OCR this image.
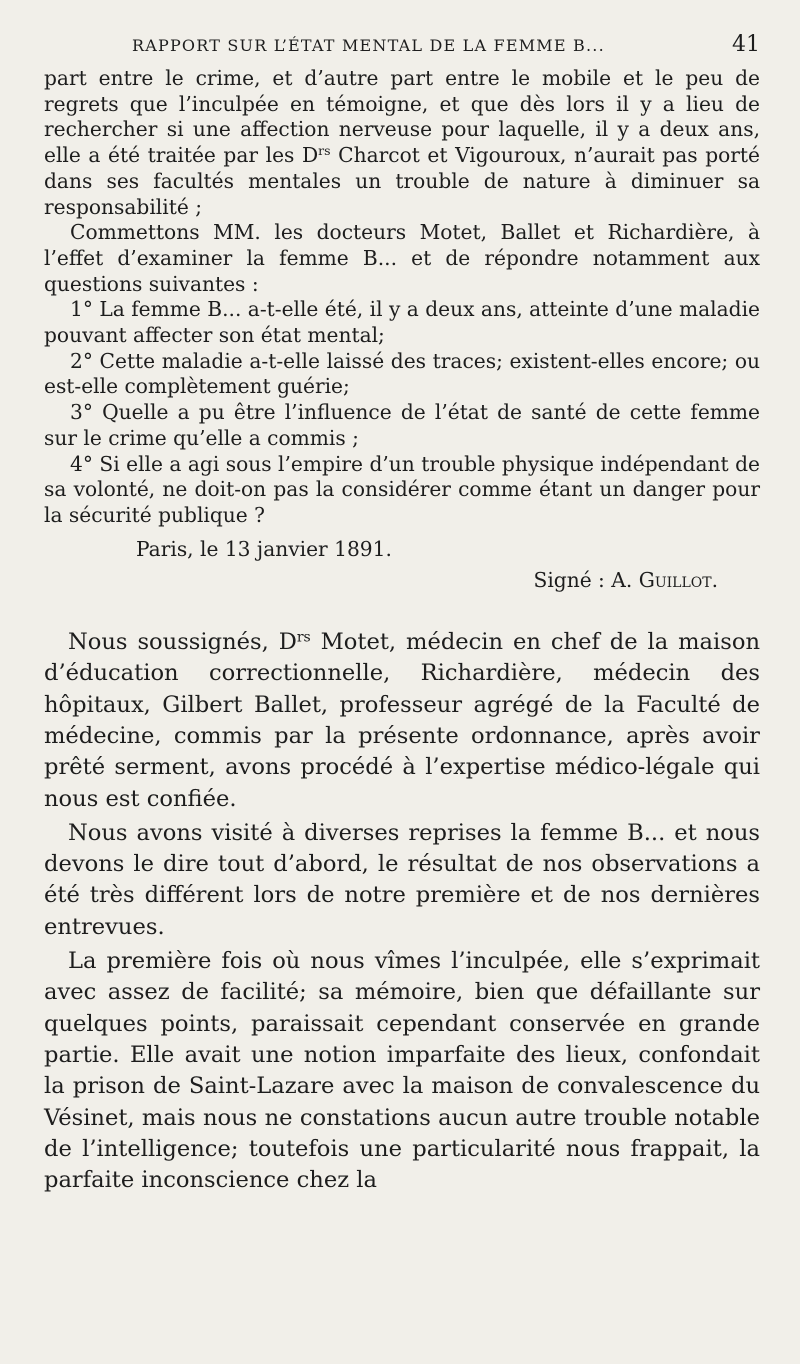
RAPPORT SUR L’ÉTAT MENTAL DE LA FEMME B...	41

part entre le crime, et d’autre part entre le mobile et le peu de regrets que l’inculpée en témoigne, et que dès lors il y a lieu de rechercher si une affection nerveuse pour laquelle, il y a deux ans, elle a été traitée par les $D^{rs}$ Charcot et Vigouroux, n’aurait pas porté dans ses facultés mentales un trouble de nature à diminuer sa responsabilité ;

Commettons MM. les docteurs Motet, Ballet et Richardière, à l’effet d’examiner la femme B... et de répondre notamment aux questions suivantes :

1° La femme B... a-t-elle été, il y a deux ans, atteinte d’une maladie pouvant affecter son état mental;

2° Cette maladie a-t-elle laissé des traces; existent-elles encore; ou est-elle complètement guérie;

3° Quelle a pu être l’influence de l’état de santé de cette femme sur le crime qu’elle a commis ;

4° Si elle a agi sous l’empire d’un trouble physique indépendant de sa volonté, ne doit-on pas la considérer comme étant un danger pour la sécurité publique ?

Paris, le 13 janvier 1891.
Signé : A. Guillot.

Nous soussignés, $D^{rs}$ Motet, médecin en chef de la maison d’éducation correctionnelle, Richardière, médecin des hôpitaux, Gilbert Ballet, professeur agrégé de la Faculté de médecine, commis par la présente ordonnance, après avoir prêté serment, avons procédé à l’expertise médico-légale qui nous est confiée.

Nous avons visité à diverses reprises la femme B... et nous devons le dire tout d’abord, le résultat de nos observations a été très différent lors de notre première et de nos dernières entrevues.

La première fois où nous vîmes l’inculpée, elle s’exprimait avec assez de facilité; sa mémoire, bien que défaillante sur quelques points, paraissait cependant conservée en grande partie. Elle avait une notion imparfaite des lieux, confondait la prison de Saint-Lazare avec la maison de convalescence du Vésinet, mais nous ne constations aucun autre trouble notable de l’intelligence; toutefois une particularité nous frappait, la parfaite inconscience chez la
